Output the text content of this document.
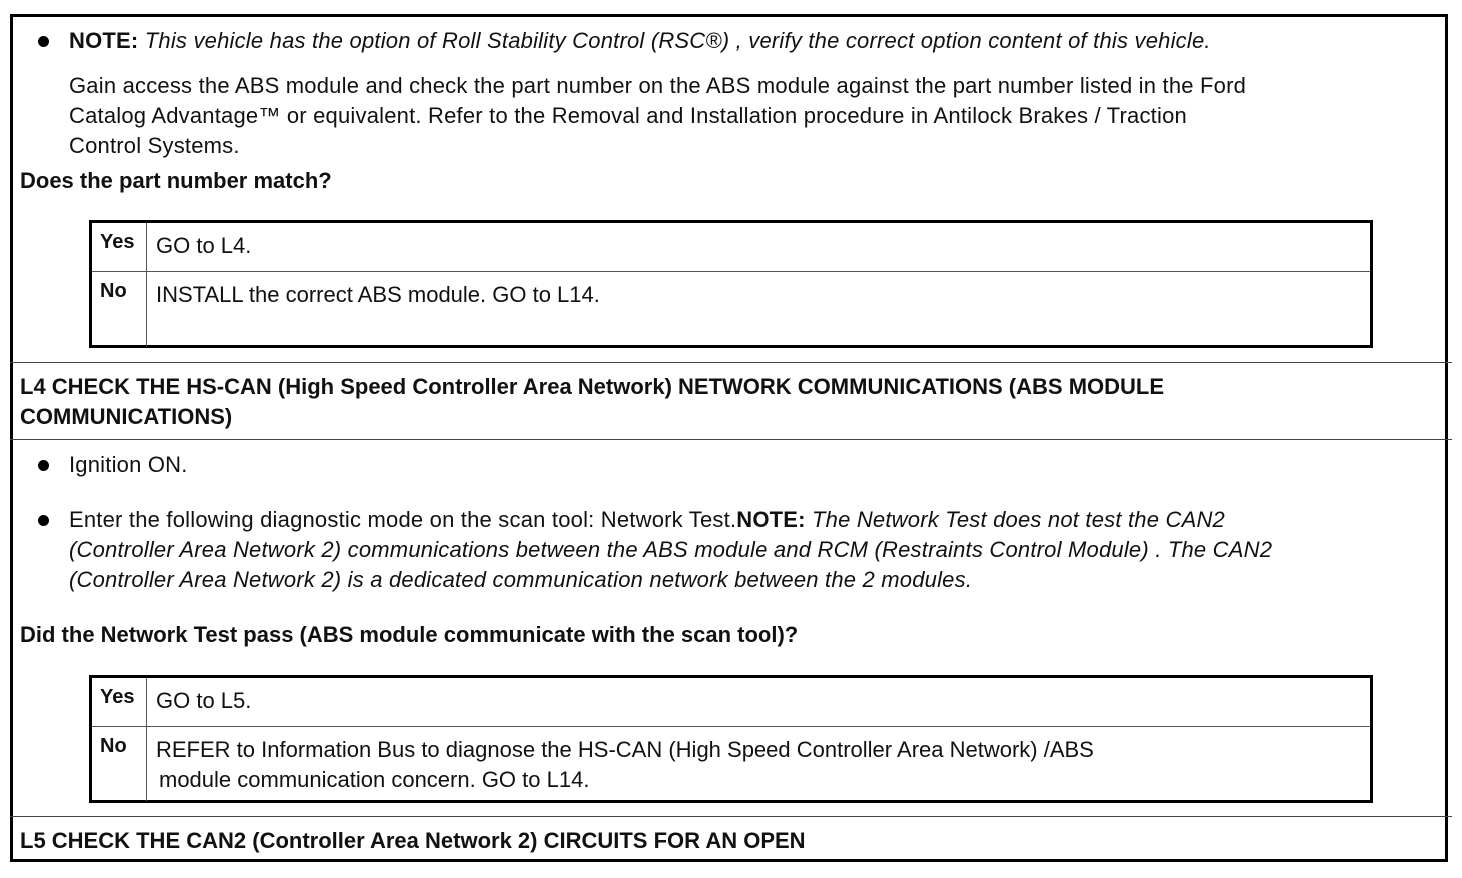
NOTE: This vehicle has the option of Roll Stability Control (RSC®) , verify the correct option content of this vehicle.
Gain access the ABS module and check the part number on the ABS module against the part number listed in the Ford
Catalog Advantage™ or equivalent. Refer to the Removal and Installation procedure in Antilock Brakes / Traction
Control Systems.
Does the part number match?
Yes GO to L4.
No	INSTALL the correct ABS module. GO to L14.
L4 CHECK THE HS-CAN (High Speed Controller Area Network) NETWORK COMMUNICATIONS (ABS MODULE
COMMUNICATIONS)
Ignition ON.
Enter the following diagnostic mode on the scan tool: Network Test.NOTE: The Network Test does not test the CAN2
(Controller Area Network 2) communications between the ABS module and RCM (Restraints Control Module) . The CAN2
(Controller Area Network 2) is a dedicated communication network between the 2 modules.
Did the Network Test pass (ABS module communicate with the scan tool)?
Yes GO to L5.
No	REFER to Information Bus to diagnose the HS-CAN (High Speed Controller Area Network) /ABS
module communication concern. GO to L14.
L5 CHECK THE CAN2 (Controller Area Network 2) CIRCUITS FOR AN OPEN
